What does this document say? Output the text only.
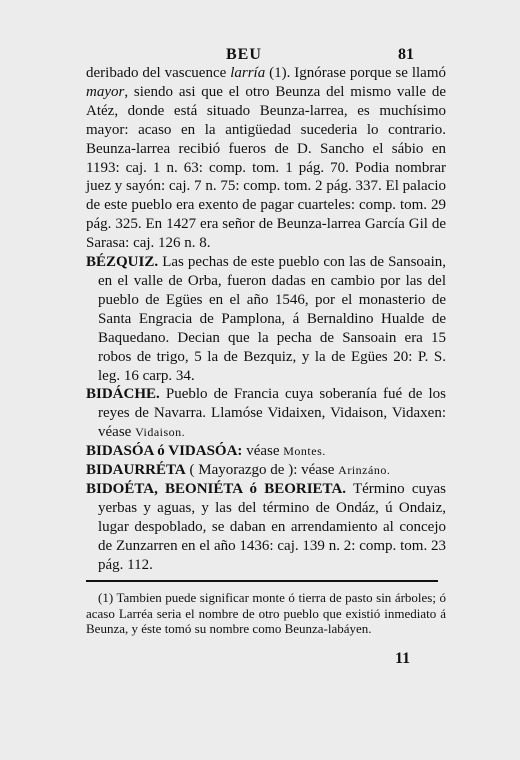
BEU	81

deribado del vascuence larría (1). Ignórase porque se llamó mayor, siendo asi que el otro Beunza del mismo valle de Atéz, donde está situado Beunza-larrea, es muchísimo mayor: acaso en la antigüedad sucederia lo contrario. Beunza-larrea recibió fueros de D. Sancho el sábio en 1193: caj. 1 n. 63: comp. tom. 1 pág. 70. Podia nombrar juez y sayón: caj. 7 n. 75: comp. tom. 2 pág. 337. El palacio de este pueblo era exento de pagar cuarteles: comp. tom. 29 pág. 325. En 1427 era señor de Beunza-larrea García Gil de Sarasa: caj. 126 n. 8.

BÉZQUIZ. Las pechas de este pueblo con las de Sansoain, en el valle de Orba, fueron dadas en cambio por las del pueblo de Egües en el año 1546, por el monasterio de Santa Engracia de Pamplona, á Bernaldino Hualde de Baquedano. Decian que la pecha de Sansoain era 15 robos de trigo, 5 la de Bezquiz, y la de Egües 20: P. S. leg. 16 carp. 34.

BIDÁCHE. Pueblo de Francia cuya soberanía fué de los reyes de Navarra. Llamóse Vidaixen, Vidaison, Vidaxen: véase Vidaison.

BIDASÓA ó VIDASÓA: véase Montes.

BIDAURRÉTA ( Mayorazgo de ): véase Arinzáno.

BIDOÉTA, BEONIÉTA ó BEORIETA. Término cuyas yerbas y aguas, y las del término de Ondáz, ú Ondaiz, lugar despoblado, se daban en arrendamiento al concejo de Zunzarren en el año 1436: caj. 139 n. 2: comp. tom. 23 pág. 112.

(1) Tambien puede significar monte ó tierra de pasto sin árboles; ó acaso Larréa seria el nombre de otro pueblo que existió inmediato á Beunza, y éste tomó su nombre como Beunza-labáyen.

11
